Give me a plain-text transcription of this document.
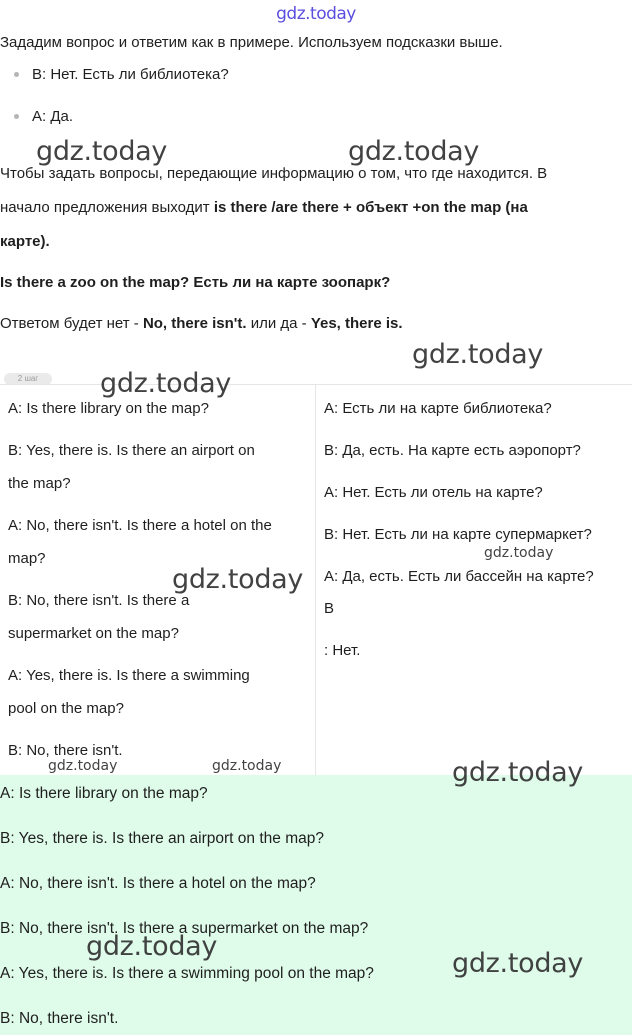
gdz.today
Зададим вопрос и ответим как в примере. Используем подсказки выше.
B: Нет. Есть ли библиотека?
A: Да.
Чтобы задать вопросы, передающие информацию о том, что где находится. В
начало предложения выходит is there /are there + объект +on the map (на
карте).
Is there a zoo on the map? Есть ли на карте зоопарк?
Ответом будет нет - No, there isn't. или да - Yes, there is.
2 шаг
A: Is there library on the map?
B: Yes, there is. Is there an airport on
the map?
A: No, there isn't. Is there a hotel on the
map?
B: No, there isn't. Is there a
supermarket on the map?
A: Yes, there is. Is there a swimming
pool on the map?
B: No, there isn't.
A: Есть ли на карте библиотека?
B: Да, есть. На карте есть аэропорт?
A: Нет. Есть ли отель на карте?
B: Нет. Есть ли на карте супермаркет?
A: Да, есть. Есть ли бассейн на карте?
B
: Нет.
A: Is there library on the map?
B: Yes, there is. Is there an airport on the map?
A: No, there isn't. Is there a hotel on the map?
B: No, there isn't. Is there a supermarket on the map?
A: Yes, there is. Is there a swimming pool on the map?
B: No, there isn't.
gdz.today	gdz.today
gdz.today
gdz.today
gdz.today
gdz.today
gdz.today	gdz.today	gdz.today
gdz.today
gdz.today
